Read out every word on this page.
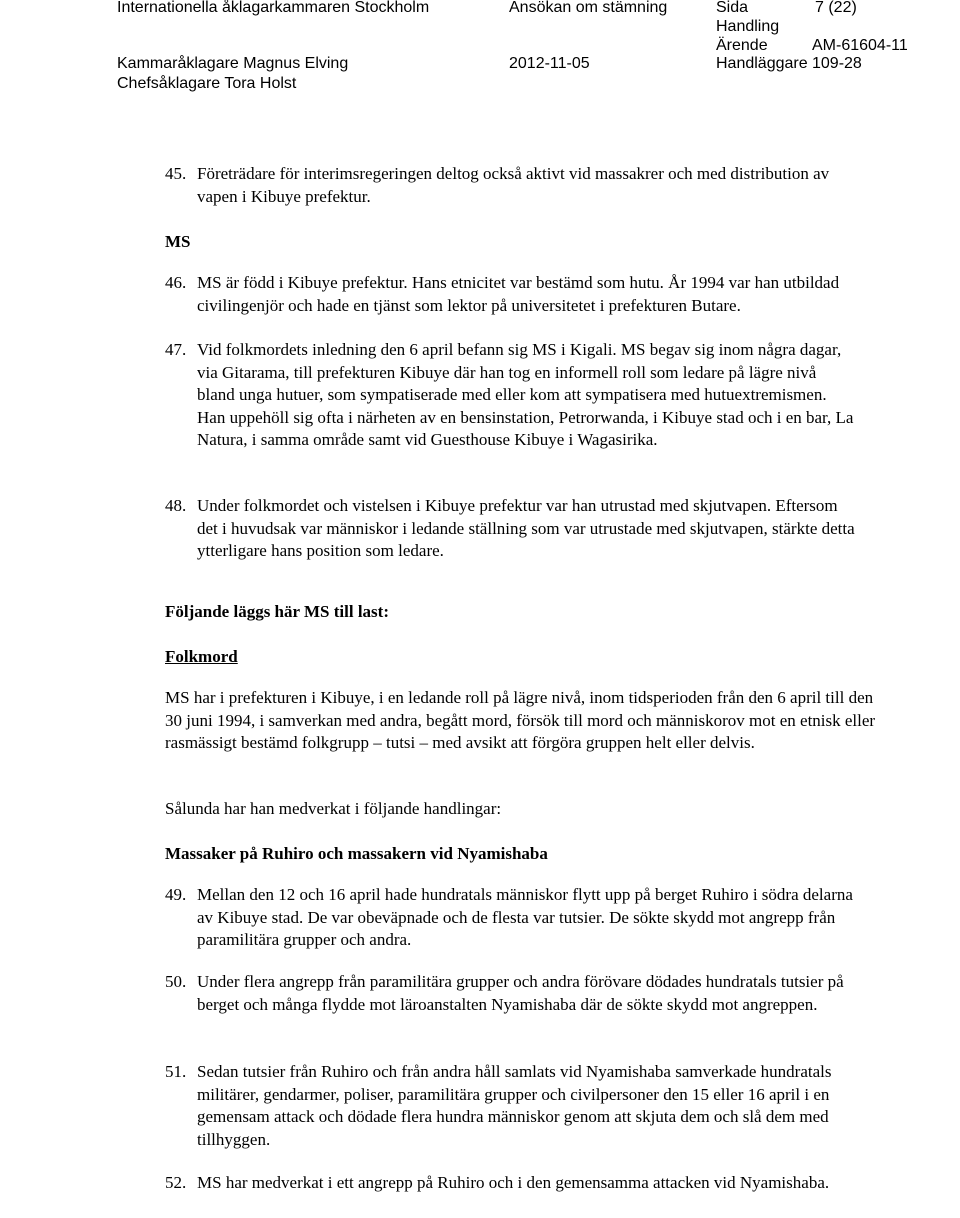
Internationella åklagarkammaren Stockholm	Ansökan om stämning	Sida	7 (22)
Handling
Ärende	AM-61604-11
Kammaråklagare Magnus Elving	2012-11-05	Handläggare 109-28
Chefsåklagare Tora Holst
45. Företrädare för interimsregeringen deltog också aktivt vid massakrer och med distribution av vapen i Kibuye prefektur.
MS
46. MS är född i Kibuye prefektur. Hans etnicitet var bestämd som hutu. År 1994 var han utbildad civilingenjör och hade en tjänst som lektor på universitetet i prefekturen Butare.
47. Vid folkmordets inledning den 6 april befann sig MS i Kigali. MS begav sig inom några dagar, via Gitarama, till prefekturen Kibuye där han tog en informell roll som ledare på lägre nivå bland unga hutuer, som sympatiserade med eller kom att sympatisera med hutuextremismen. Han uppehöll sig ofta i närheten av en bensinstation, Petrorwanda, i Kibuye stad och i en bar, La Natura, i samma område samt vid Guesthouse Kibuye i Wagasirika.
48. Under folkmordet och vistelsen i Kibuye prefektur var han utrustad med skjutvapen. Eftersom det i huvudsak var människor i ledande ställning som var utrustade med skjutvapen, stärkte detta ytterligare hans position som ledare.
Följande läggs här MS till last:
Folkmord
MS har i prefekturen i Kibuye, i en ledande roll på lägre nivå, inom tidsperioden från den 6 april till den 30 juni 1994, i samverkan med andra, begått mord, försök till mord och människorov mot en etnisk eller rasmässigt bestämd folkgrupp – tutsi – med avsikt att förgöra gruppen helt eller delvis.
Sålunda har han medverkat i följande handlingar:
Massaker på Ruhiro och massakern vid Nyamishaba
49. Mellan den 12 och 16 april hade hundratals människor flytt upp på berget Ruhiro i södra delarna av Kibuye stad. De var obeväpnade och de flesta var tutsier. De sökte skydd mot angrepp från paramilitära grupper och andra.
50. Under flera angrepp från paramilitära grupper och andra förövare dödades hundratals tutsier på berget och många flydde mot läroanstalten Nyamishaba där de sökte skydd mot angreppen.
51. Sedan tutsier från Ruhiro och från andra håll samlats vid Nyamishaba samverkade hundratals militärer, gendarmer, poliser, paramilitära grupper och civilpersoner den 15 eller 16 april i en gemensam attack och dödade flera hundra människor genom att skjuta dem och slå dem med tillhyggen.
52. MS har medverkat i ett angrepp på Ruhiro och i den gemensamma attacken vid Nyamishaba.
